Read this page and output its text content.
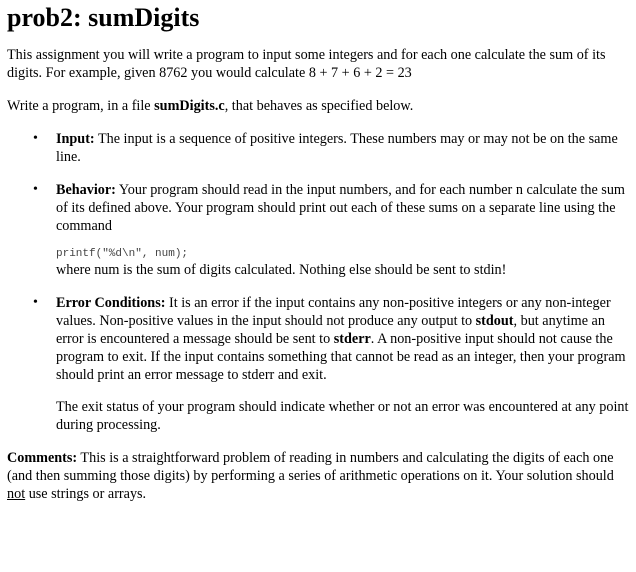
prob2: sumDigits

This assignment you will write a program to input some integers and for each one calculate the sum of its digits. For example, given 8762 you would calculate 8 + 7 + 6 + 2 = 23

Write a program, in a file sumDigits.c, that behaves as specified below.

• Input: The input is a sequence of positive integers. These numbers may or may not be on the same line.
• Behavior: Your program should read in the input numbers, and for each number n calculate the sum of its defined above. Your program should print out each of these sums on a separate line using the command
printf("%d\n", num);
where num is the sum of digits calculated. Nothing else should be sent to stdin!
• Error Conditions: It is an error if the input contains any non-positive integers or any non-integer values. Non-positive values in the input should not produce any output to stdout, but anytime an error is encountered a message should be sent to stderr. A non-positive input should not cause the program to exit. If the input contains something that cannot be read as an integer, then your program should print an error message to stderr and exit.
The exit status of your program should indicate whether or not an error was encountered at any point during processing.

Comments: This is a straightforward problem of reading in numbers and calculating the digits of each one (and then summing those digits) by performing a series of arithmetic operations on it. Your solution should not use strings or arrays.
